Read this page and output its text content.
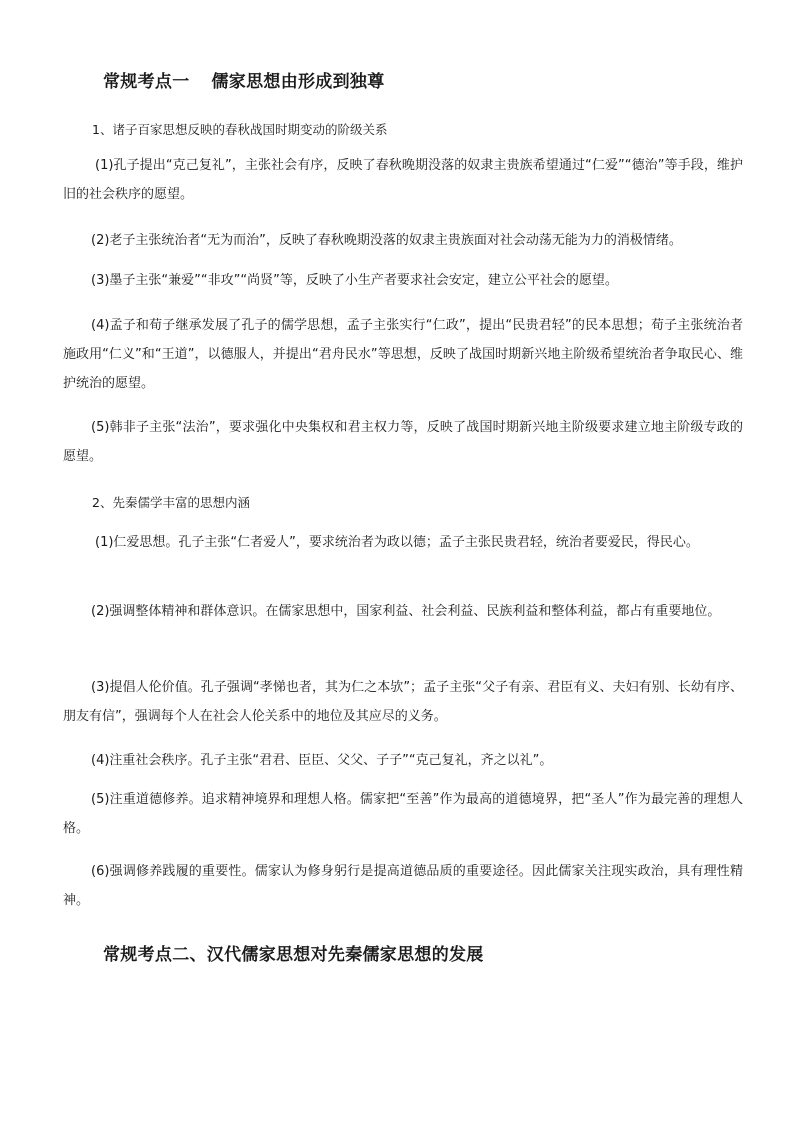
常规考点一 儒家思想由形成到独尊

1、诸子百家思想反映的春秋战国时期变动的阶级关系

(1)孔子提出“克己复礼”，主张社会有序，反映了春秋晚期没落的奴隶主贵族希望通过“仁爱”“德治”等手段，维护旧的社会秩序的愿望。

(2)老子主张统治者“无为而治”，反映了春秋晚期没落的奴隶主贵族面对社会动荡无能为力的消极情绪。

(3)墨子主张“兼爱”“非攻”“尚贤”等，反映了小生产者要求社会安定，建立公平社会的愿望。

(4)孟子和荀子继承发展了孔子的儒学思想，孟子主张实行“仁政”，提出“民贵君轻”的民本思想；荀子主张统治者施政用“仁义”和“王道”，以德服人，并提出“君舟民水”等思想，反映了战国时期新兴地主阶级希望统治者争取民心、维护统治的愿望。

(5)韩非子主张“法治”，要求强化中央集权和君主权力等，反映了战国时期新兴地主阶级要求建立地主阶级专政的愿望。

2、先秦儒学丰富的思想内涵

(1)仁爱思想。孔子主张“仁者爱人”，要求统治者为政以德；孟子主张民贵君轻，统治者要爱民，得民心。

(2)强调整体精神和群体意识。在儒家思想中，国家利益、社会利益、民族利益和整体利益，都占有重要地位。

(3)提倡人伦价值。孔子强调“孝悌也者，其为仁之本欤”；孟子主张“父子有亲、君臣有义、夫妇有别、长幼有序、朋友有信”，强调每个人在社会人伦关系中的地位及其应尽的义务。

(4)注重社会秩序。孔子主张“君君、臣臣、父父、子子”“克己复礼，齐之以礼”。

(5)注重道德修养。追求精神境界和理想人格。儒家把“至善”作为最高的道德境界，把“圣人”作为最完善的理想人格。

(6)强调修养践履的重要性。儒家认为修身躬行是提高道德品质的重要途径。因此儒家关注现实政治，具有理性精神。

常规考点二、汉代儒家思想对先秦儒家思想的发展
